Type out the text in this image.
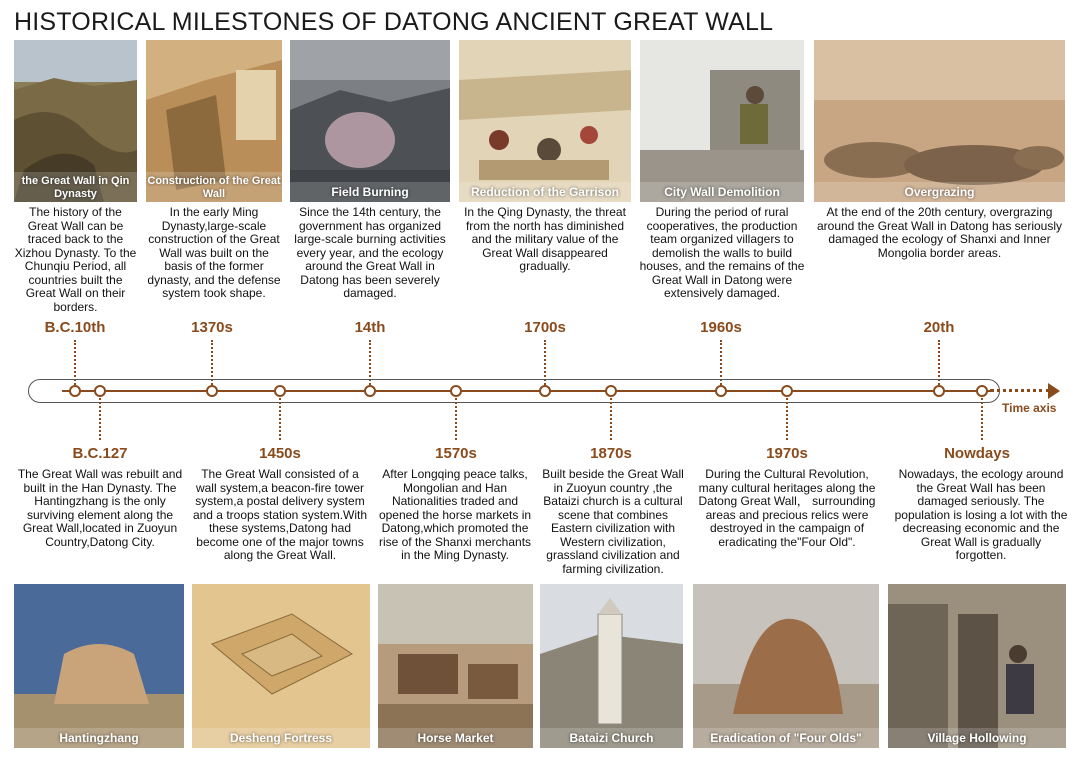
HISTORICAL MILESTONES OF DATONG ANCIENT GREAT WALL
the Great Wall in Qin Dynasty
Construction of the Great Wall	Field Burning	Reduction of the Garrison	City Wall Demolition	Overgrazing
The history of the Great Wall can be traced back to the Xizhou Dynasty. To the Chunqiu Period, all countries built the Great Wall on their borders.
In the early Ming Dynasty,large-scale construction of the Great Wall was built on the basis of the former dynasty, and the defense system took shape.
Since the 14th century, the government has organized large-scale burning activities every year, and the ecology around the Great Wall in Datong has been severely damaged.
In the Qing Dynasty, the threat from the north has diminished and the military value of the Great Wall disappeared gradually.
During the period of rural cooperatives, the production team organized villagers to demolish the walls to build houses, and the remains of the Great Wall in Datong were extensively damaged.
At the end of the 20th century, overgrazing around the Great Wall in Datong has seriously damaged the ecology of Shanxi and Inner Mongolia border areas.
B.C.10th	1370s	14th	1700s	1960s	20th
Time axis
B.C.127	1450s	1570s	1870s	1970s	Nowdays
The Great Wall was rebuilt and built in the Han Dynasty. The Hantingzhang is the only surviving element along the Great Wall,located in Zuoyun Country,Datong City.
The Great Wall consisted of a wall system,a beacon-fire tower system,a postal delivery system and a troops station system.With these systems,Datong had become one of the major towns along the Great Wall.
After Longqing peace talks, Mongolian and Han Nationalities traded and opened the horse markets in Datong,which promoted the rise of the Shanxi merchants in the Ming Dynasty.
Built beside the Great Wall in Zuoyun country ,the Bataizi church is a cultural scene that combines Eastern civilization with Western civilization, grassland civilization and farming civilization.
During the Cultural Revolution, many cultural heritages along the Datong Great Wall， surrounding areas and precious relics were destroyed in the campaign of eradicating the"Four Old".
Nowadays, the ecology around the Great Wall has been damaged seriously. The population is losing a lot with the decreasing economic and the Great Wall is gradually forgotten.
Hantingzhang	Desheng Fortress	Horse Market	Bataizi Church	Eradication of "Four Olds"	Village Hollowing
